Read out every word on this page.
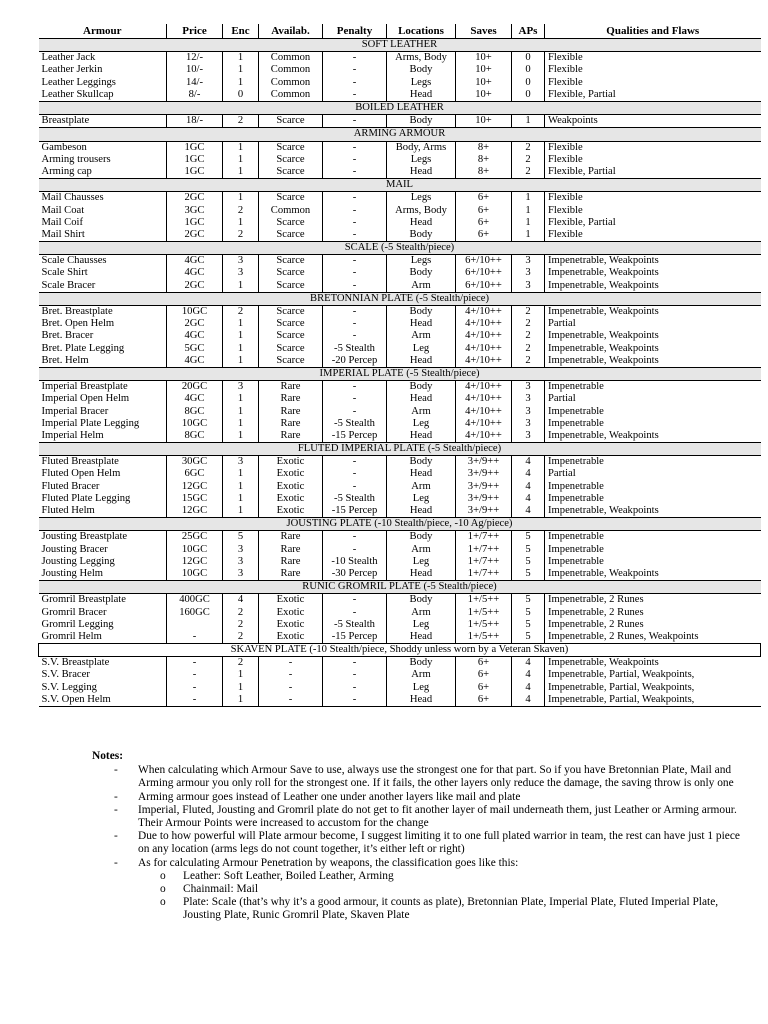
Armour	Price	Enc	Availab.	Penalty	Locations	Saves	APs	Qualities and Flaws
SOFT LEATHER								
Leather Jack	12/-	1	Common	-	Arms, Body	10+	0	Flexible
Leather Jerkin	10/-	1	Common	-	Body	10+	0	Flexible
Leather Leggings	14/-	1	Common	-	Legs	10+	0	Flexible
Leather Skullcap	8/-	0	Common	-	Head	10+	0	Flexible, Partial
BOILED LEATHER								
Breastplate	18/-	2	Scarce	-	Body	10+	1	Weakpoints
ARMING ARMOUR								
Gambeson	1GC	1	Scarce	-	Body, Arms	8+	2	Flexible
Arming trousers	1GC	1	Scarce	-	Legs	8+	2	Flexible
Arming cap	1GC	1	Scarce	-	Head	8+	2	Flexible, Partial
MAIL								
Mail Chausses	2GC	1	Scarce	-	Legs	6+	1	Flexible
Mail Coat	3GC	2	Common	-	Arms, Body	6+	1	Flexible
Mail Coif	1GC	1	Scarce	-	Head	6+	1	Flexible, Partial
Mail Shirt	2GC	2	Scarce	-	Body	6+	1	Flexible
SCALE (-5 Stealth/piece)								
Scale Chausses	4GC	3	Scarce	-	Legs	6+/10++	3	Impenetrable, Weakpoints
Scale Shirt	4GC	3	Scarce	-	Body	6+/10++	3	Impenetrable, Weakpoints
Scale Bracer	2GC	1	Scarce	-	Arm	6+/10++	3	Impenetrable, Weakpoints
BRETONNIAN PLATE (-5 Stealth/piece)								
Bret. Breastplate	10GC	2	Scarce	-	Body	4+/10++	2	Impenetrable, Weakpoints
Bret. Open Helm	2GC	1	Scarce	-	Head	4+/10++	2	Partial
Bret. Bracer	4GC	1	Scarce	-	Arm	4+/10++	2	Impenetrable, Weakpoints
Bret. Plate Legging	5GC	1	Scarce	-5 Stealth	Leg	4+/10++	2	Impenetrable, Weakpoints
Bret. Helm	4GC	1	Scarce	-20 Percep	Head	4+/10++	2	Impenetrable, Weakpoints
IMPERIAL PLATE (-5 Stealth/piece)								
Imperial Breastplate	20GC	3	Rare	-	Body	4+/10++	3	Impenetrable
Imperial Open Helm	4GC	1	Rare	-	Head	4+/10++	3	Partial
Imperial Bracer	8GC	1	Rare	-	Arm	4+/10++	3	Impenetrable
Imperial Plate Legging	10GC	1	Rare	-5 Stealth	Leg	4+/10++	3	Impenetrable
Imperial Helm	8GC	1	Rare	-15 Percep	Head	4+/10++	3	Impenetrable, Weakpoints
FLUTED IMPERIAL PLATE (-5 Stealth/piece)								
Fluted Breastplate	30GC	3	Exotic	-	Body	3+/9++	4	Impenetrable
Fluted Open Helm	6GC	1	Exotic	-	Head	3+/9++	4	Partial
Fluted Bracer	12GC	1	Exotic	-	Arm	3+/9++	4	Impenetrable
Fluted Plate Legging	15GC	1	Exotic	-5 Stealth	Leg	3+/9++	4	Impenetrable
Fluted Helm	12GC	1	Exotic	-15 Percep	Head	3+/9++	4	Impenetrable, Weakpoints
JOUSTING PLATE (-10 Stealth/piece, -10 Ag/piece)								
Jousting Breastplate	25GC	5	Rare	-	Body	1+/7++	5	Impenetrable
Jousting Bracer	10GC	3	Rare	-	Arm	1+/7++	5	Impenetrable
Jousting Legging	12GC	3	Rare	-10 Stealth	Leg	1+/7++	5	Impenetrable
Jousting Helm	10GC	3	Rare	-30 Percep	Head	1+/7++	5	Impenetrable, Weakpoints
RUNIC GROMRIL PLATE (-5 Stealth/piece)								
Gromril Breastplate	400GC	4	Exotic	-	Body	1+/5++	5	Impenetrable, 2 Runes
Gromril Bracer	160GC	2	Exotic	-	Arm	1+/5++	5	Impenetrable, 2 Runes
Gromril Legging		2	Exotic	-5 Stealth	Leg	1+/5++	5	Impenetrable, 2 Runes
Gromril Helm	-	2	Exotic	-15 Percep	Head	1+/5++	5	Impenetrable, 2 Runes, Weakpoints
SKAVEN PLATE (-10 Stealth/piece, Shoddy unless worn by a Veteran Skaven)								
S.V. Breastplate	-	2	-	-	Body	6+	4	Impenetrable, Weakpoints
S.V. Bracer	-	1	-	-	Arm	6+	4	Impenetrable, Partial, Weakpoints,
S.V. Legging	-	1	-	-	Leg	6+	4	Impenetrable, Partial, Weakpoints,
S.V. Open Helm	-	1	-	-	Head	6+	4	Impenetrable, Partial, Weakpoints,
Notes:
- When calculating which Armour Save to use, always use the strongest one for that part. So if you have Bretonnian Plate, Mail and Arming armour you only roll for the strongest one. If it fails, the other layers only reduce the damage, the saving throw is only one
- Arming armour goes instead of Leather one under another layers like mail and plate
- Imperial, Fluted, Jousting and Gromril plate do not get to fit another layer of mail underneath them, just Leather or Arming armour. Their Armour Points were increased to accustom for the change
- Due to how powerful will Plate armour become, I suggest limiting it to one full plated warrior in team, the rest can have just 1 piece on any location (arms legs do not count together, it’s either left or right)
- As for calculating Armour Penetration by weapons, the classification goes like this:
o Leather: Soft Leather, Boiled Leather, Arming
o Chainmail: Mail
o Plate: Scale (that’s why it’s a good armour, it counts as plate), Bretonnian Plate, Imperial Plate, Fluted Imperial Plate, Jousting Plate, Runic Gromril Plate, Skaven Plate
